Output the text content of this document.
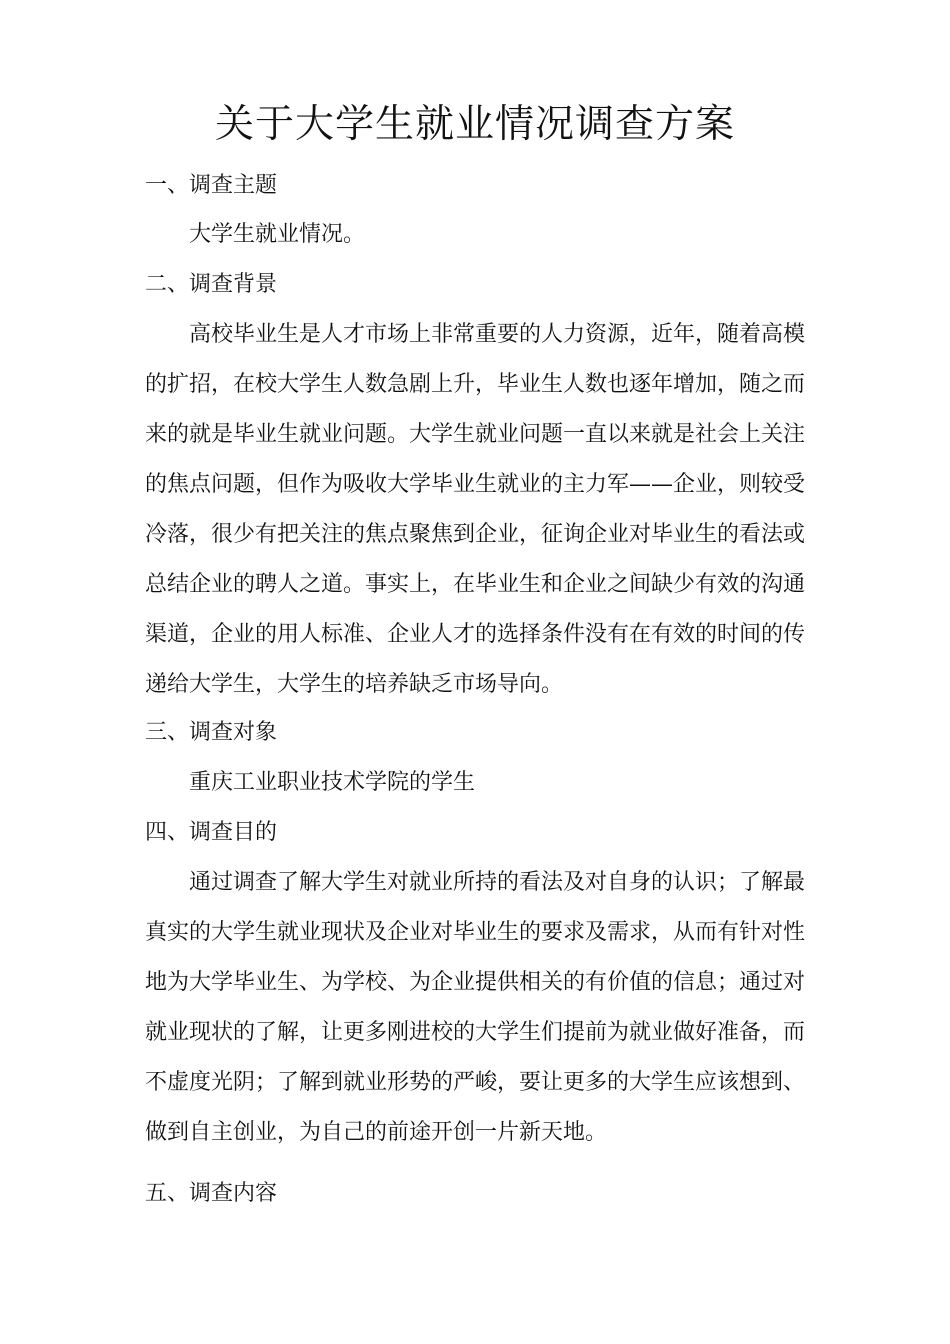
关于大学生就业情况调查方案
一、调查主题
大学生就业情况。
二、调查背景
高校毕业生是人才市场上非常重要的人力资源，近年，随着高模
的扩招，在校大学生人数急剧上升，毕业生人数也逐年增加，随之而
来的就是毕业生就业问题。大学生就业问题一直以来就是社会上关注
的焦点问题，但作为吸收大学毕业生就业的主力军——企业，则较受
冷落，很少有把关注的焦点聚焦到企业，征询企业对毕业生的看法或
总结企业的聘人之道。事实上，在毕业生和企业之间缺少有效的沟通
渠道，企业的用人标准、企业人才的选择条件没有在有效的时间的传
递给大学生，大学生的培养缺乏市场导向。
三、调查对象
重庆工业职业技术学院的学生
四、调查目的
通过调查了解大学生对就业所持的看法及对自身的认识；了解最
真实的大学生就业现状及企业对毕业生的要求及需求，从而有针对性
地为大学毕业生、为学校、为企业提供相关的有价值的信息；通过对
就业现状的了解，让更多刚进校的大学生们提前为就业做好准备，而
不虚度光阴；了解到就业形势的严峻，要让更多的大学生应该想到、
做到自主创业，为自己的前途开创一片新天地。
五、调查内容
